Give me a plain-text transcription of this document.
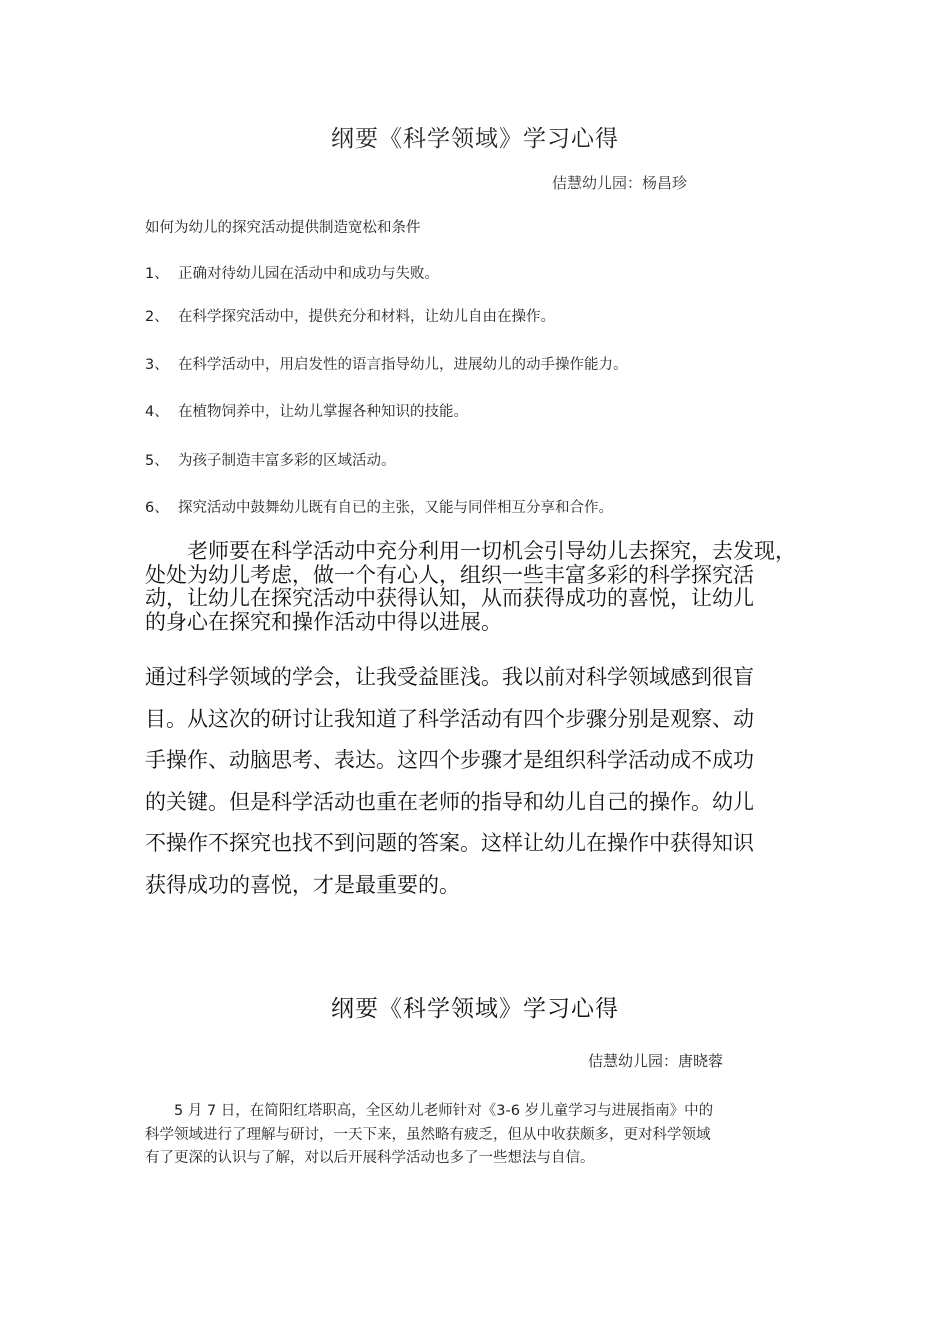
纲要《科学领域》学习心得
佶慧幼儿园：杨昌珍
如何为幼儿的探究活动提供制造宽松和条件
1、 正确对待幼儿园在活动中和成功与失败。
2、 在科学探究活动中，提供充分和材料，让幼儿自由在操作。
3、 在科学活动中，用启发性的语言指导幼儿，进展幼儿的动手操作能力。
4、 在植物饲养中，让幼儿掌握各种知识的技能。
5、 为孩子制造丰富多彩的区域活动。
6、 探究活动中鼓舞幼儿既有自已的主张，又能与同伴相互分享和合作。
　　老师要在科学活动中充分利用一切机会引导幼儿去探究，去发现，
处处为幼儿考虑，做一个有心人，组织一些丰富多彩的科学探究活
动，让幼儿在探究活动中获得认知，从而获得成功的喜悦，让幼儿
的身心在探究和操作活动中得以进展。
通过科学领域的学会，让我受益匪浅。我以前对科学领域感到很盲
目。从这次的研讨让我知道了科学活动有四个步骤分别是观察、动
手操作、动脑思考、表达。这四个步骤才是组织科学活动成不成功
的关键。但是科学活动也重在老师的指导和幼儿自己的操作。幼儿
不操作不探究也找不到问题的答案。这样让幼儿在操作中获得知识
获得成功的喜悦，才是最重要的。
纲要《科学领域》学习心得
佶慧幼儿园：唐晓蓉
　　5 月 7 日，在简阳红塔职高，全区幼儿老师针对《3-6 岁儿童学习与进展指南》中的
科学领域进行了理解与研讨，一天下来，虽然略有疲乏，但从中收获颇多，更对科学领域
有了更深的认识与了解，对以后开展科学活动也多了一些想法与自信。
